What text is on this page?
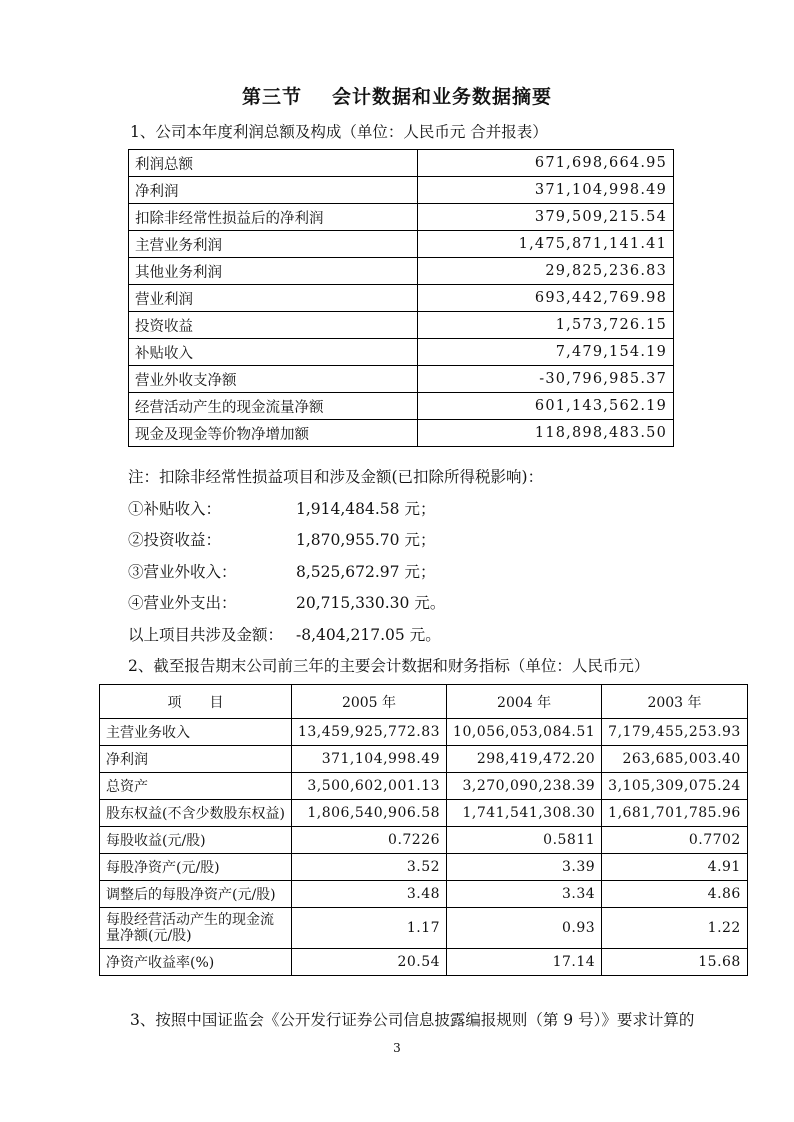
第三节 会计数据和业务数据摘要
1、公司本年度利润总额及构成（单位：人民币元 合并报表）
利润总额	671,698,664.95
净利润	371,104,998.49
扣除非经常性损益后的净利润	379,509,215.54
主营业务利润	1,475,871,141.41
其他业务利润	29,825,236.83
营业利润	693,442,769.98
投资收益	1,573,726.15
补贴收入	7,479,154.19
营业外收支净额	-30,796,985.37
经营活动产生的现金流量净额	601,143,562.19
现金及现金等价物净增加额	118,898,483.50
注：扣除非经常性损益项目和涉及金额(已扣除所得税影响)：
①补贴收入：	1,914,484.58 元；
②投资收益：	1,870,955.70 元；
③营业外收入：	8,525,672.97 元；
④营业外支出：	20,715,330.30 元。
以上项目共涉及金额： -8,404,217.05 元。
2、截至报告期末公司前三年的主要会计数据和财务指标（单位：人民币元）
项　　目	2005 年	2004 年	2003 年
主营业务收入	13,459,925,772.83	10,056,053,084.51	7,179,455,253.93
净利润	371,104,998.49	298,419,472.20	263,685,003.40
总资产	3,500,602,001.13	3,270,090,238.39	3,105,309,075.24
股东权益(不含少数股东权益)	1,806,540,906.58	1,741,541,308.30	1,681,701,785.96
每股收益(元/股)	0.7226	0.5811	0.7702
每股净资产(元/股)	3.52	3.39	4.91
调整后的每股净资产(元/股)	3.48	3.34	4.86
每股经营活动产生的现金流量净额(元/股)	1.17	0.93	1.22
净资产收益率(%)	20.54	17.14	15.68
3、按照中国证监会《公开发行证券公司信息披露编报规则（第 9 号）》要求计算的
3
